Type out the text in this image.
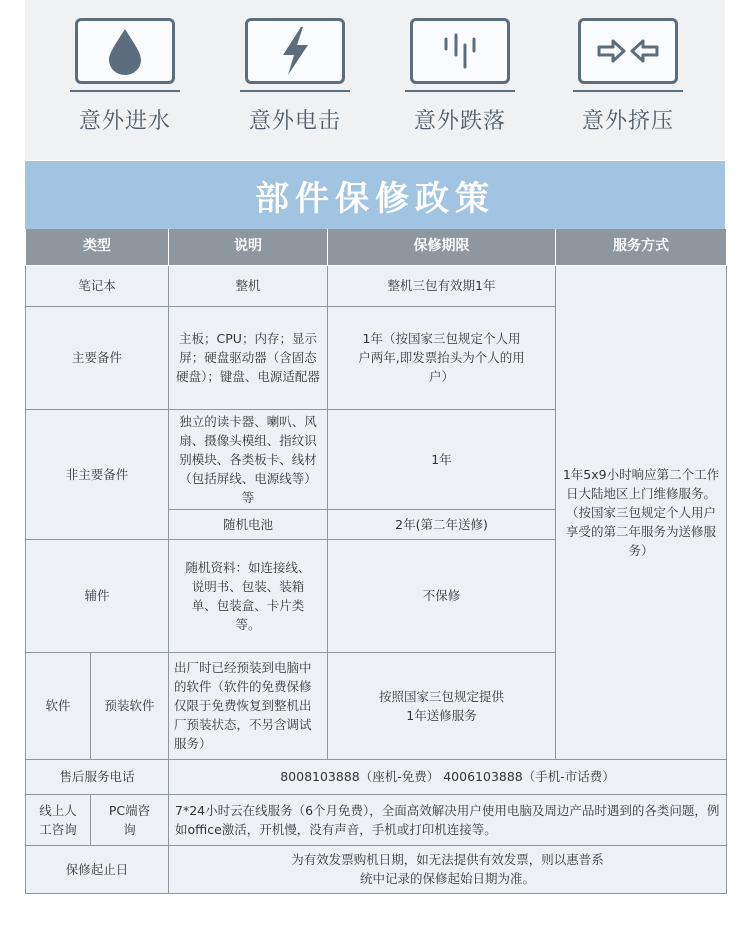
意外进水	意外电击	意外跌落	意外挤压
部件保修政策
类型		说明	保修期限	服务方式
笔记本		整机	整机三包有效期1年	1年5x9小时响应第二个工作日大陆地区上门维修服务。（按国家三包规定个人用户享受的第二年服务为送修服务）
主要备件		主板；CPU；内存；显示屏；硬盘驱动器（含固态硬盘）；键盘、电源适配器	1年（按国家三包规定个人用户两年,即发票抬头为个人的用户）	
非主要备件		独立的读卡器、喇叭、风扇、摄像头模组、指纹识别模块、各类板卡、线材（包括屏线、电源线等）等	1年	
		随机电池	2年(第二年送修)	
辅件		随机资料：如连接线、说明书、包装、装箱单、包装盒、卡片类等。	不保修	
软件	预装软件	出厂时已经预装到电脑中的软件（软件的免费保修仅限于免费恢复到整机出厂预装状态，不另含调试服务）	按照国家三包规定提供1年送修服务	
售后服务电话		8008103888（座机-免费） 4006103888（手机-市话费）		
线上人工咨询	PC端咨询	7*24小时云在线服务（6个月免费），全面高效解决用户使用电脑及周边产品时遇到的各类问题，例如office激活，开机慢，没有声音，手机或打印机连接等。		
保修起止日		为有效发票购机日期，如无法提供有效发票，则以惠普系统中记录的保修起始日期为准。		
